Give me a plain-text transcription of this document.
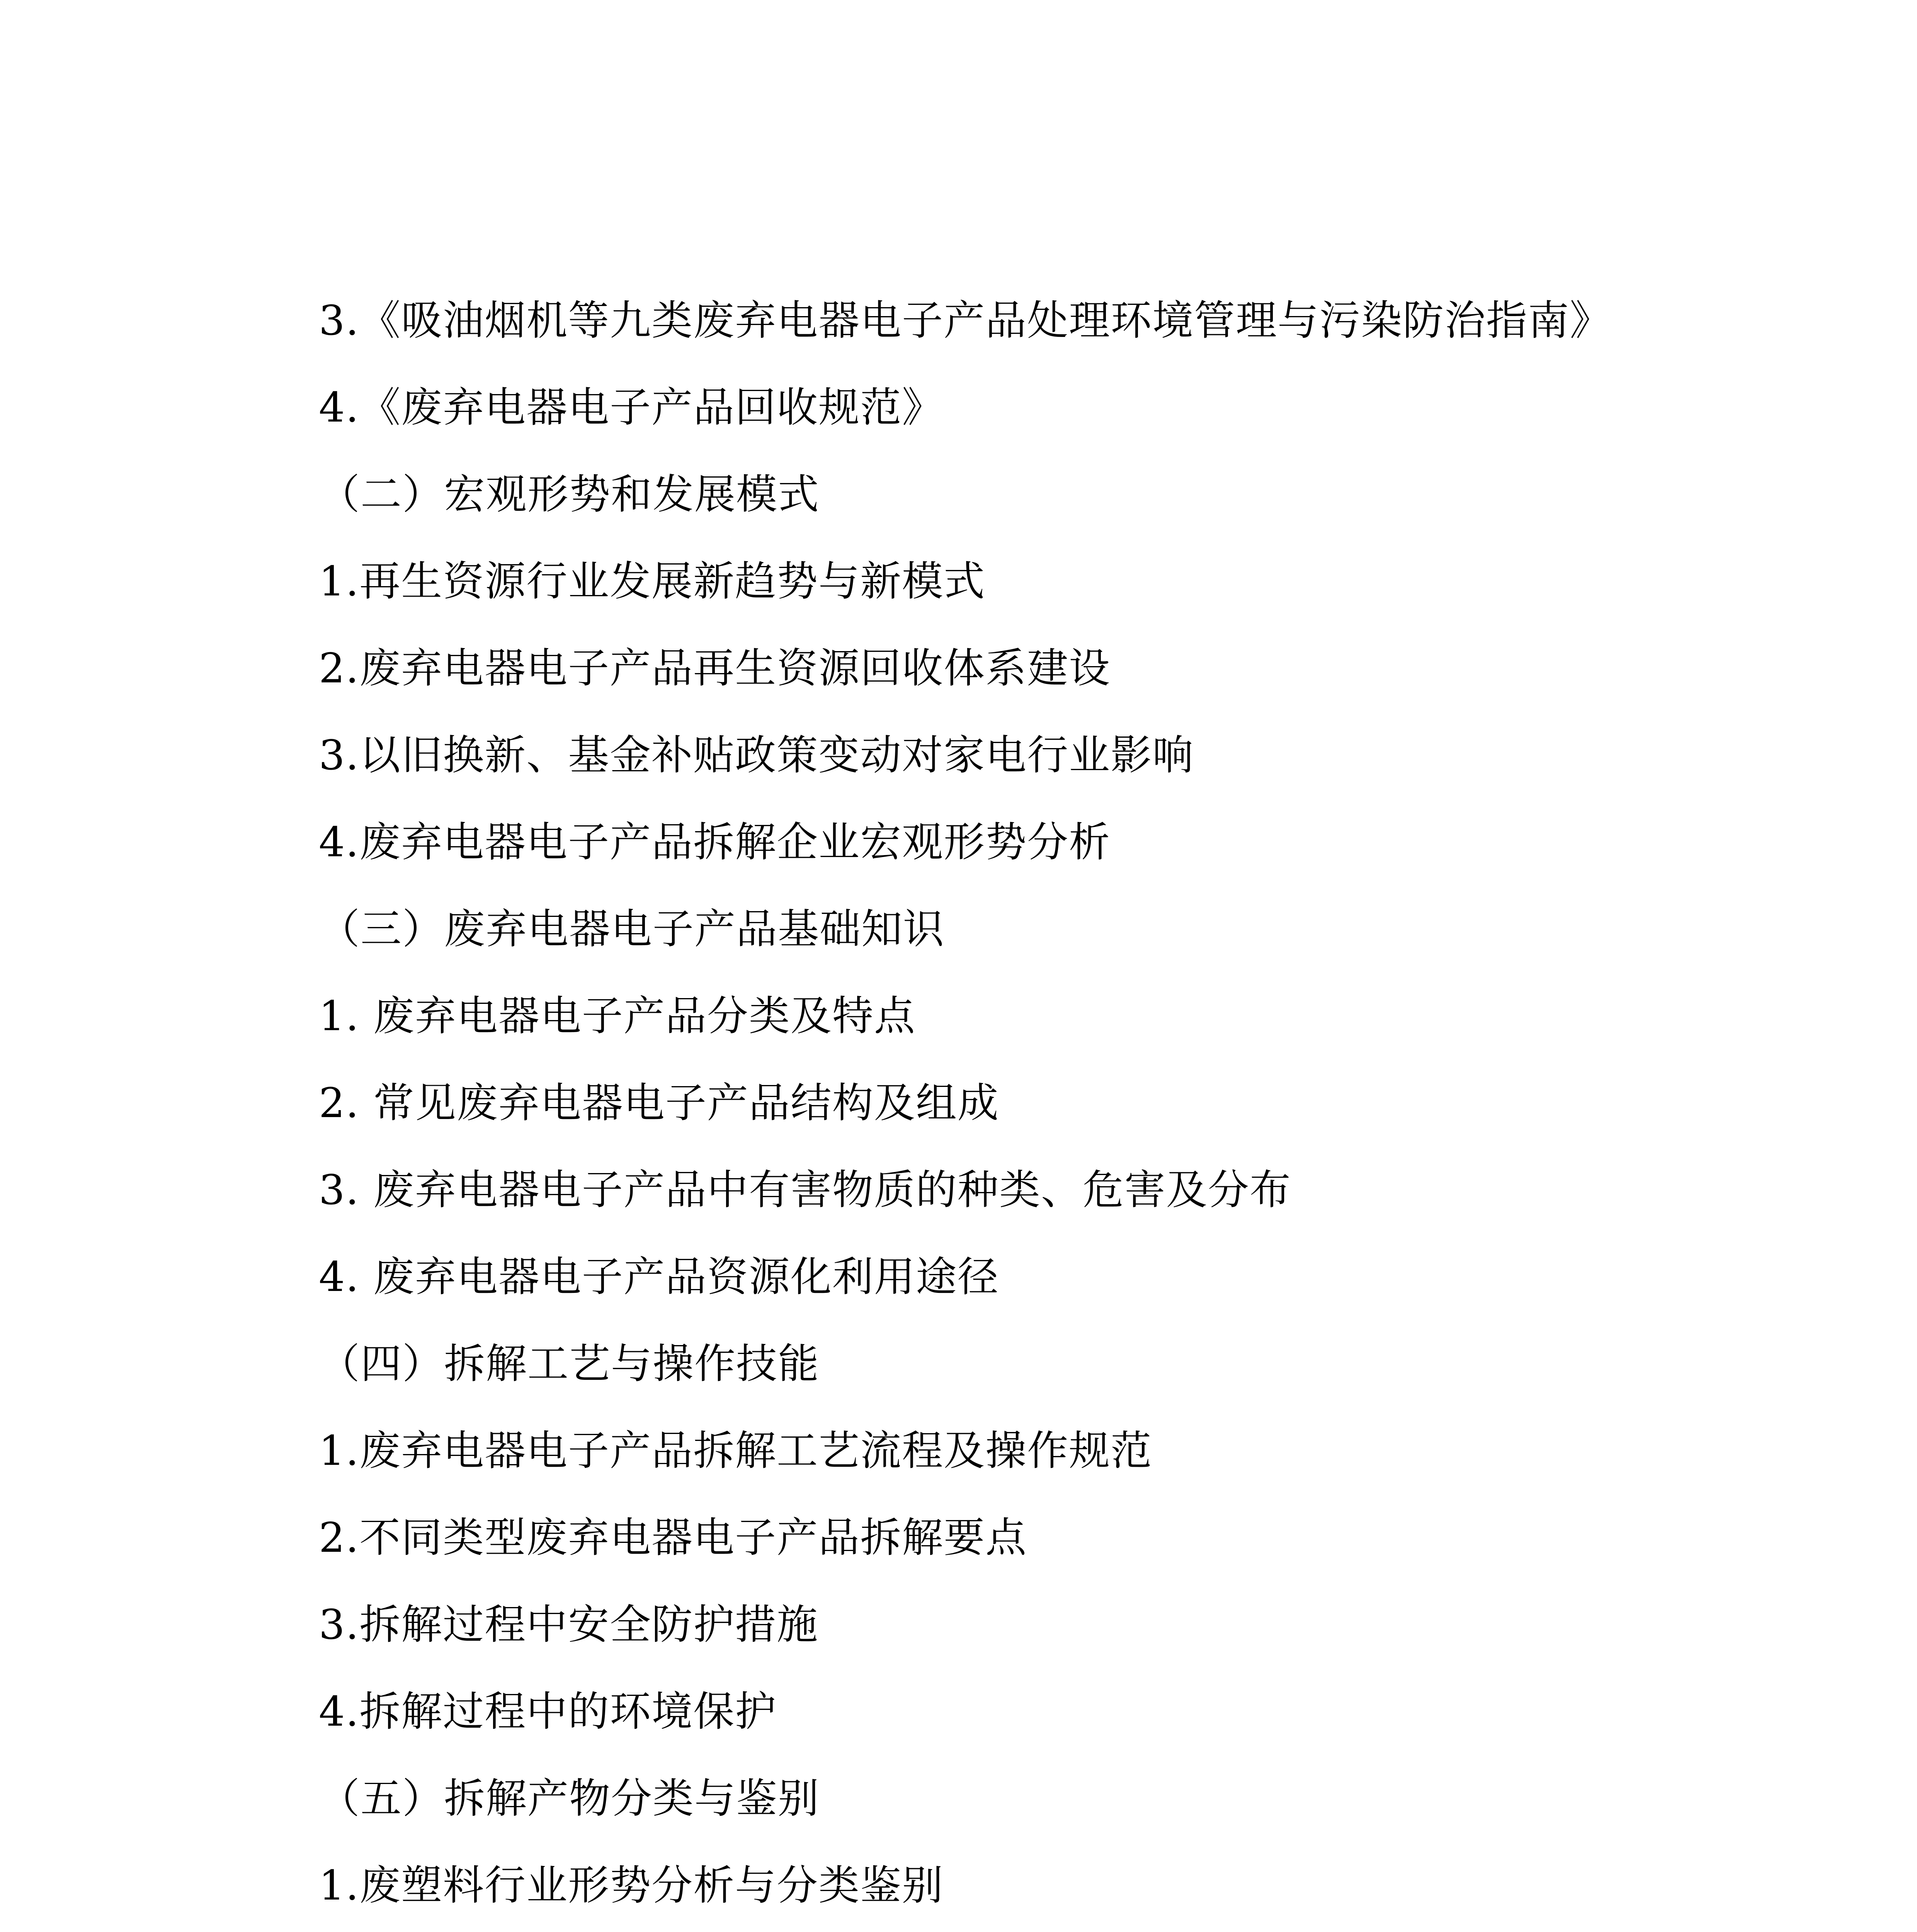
3.《吸油烟机等九类废弃电器电子产品处理环境管理与污染防治指南》

4.《废弃电器电子产品回收规范》

（二）宏观形势和发展模式

1.再生资源行业发展新趋势与新模式

2.废弃电器电子产品再生资源回收体系建设

3.以旧换新、基金补贴政策变动对家电行业影响

4.废弃电器电子产品拆解企业宏观形势分析

（三）废弃电器电子产品基础知识

1. 废弃电器电子产品分类及特点

2. 常见废弃电器电子产品结构及组成

3. 废弃电器电子产品中有害物质的种类、危害及分布

4. 废弃电器电子产品资源化利用途径

（四）拆解工艺与操作技能

1.废弃电器电子产品拆解工艺流程及操作规范

2.不同类型废弃电器电子产品拆解要点

3.拆解过程中安全防护措施

4.拆解过程中的环境保护

（五）拆解产物分类与鉴别

1.废塑料行业形势分析与分类鉴别
